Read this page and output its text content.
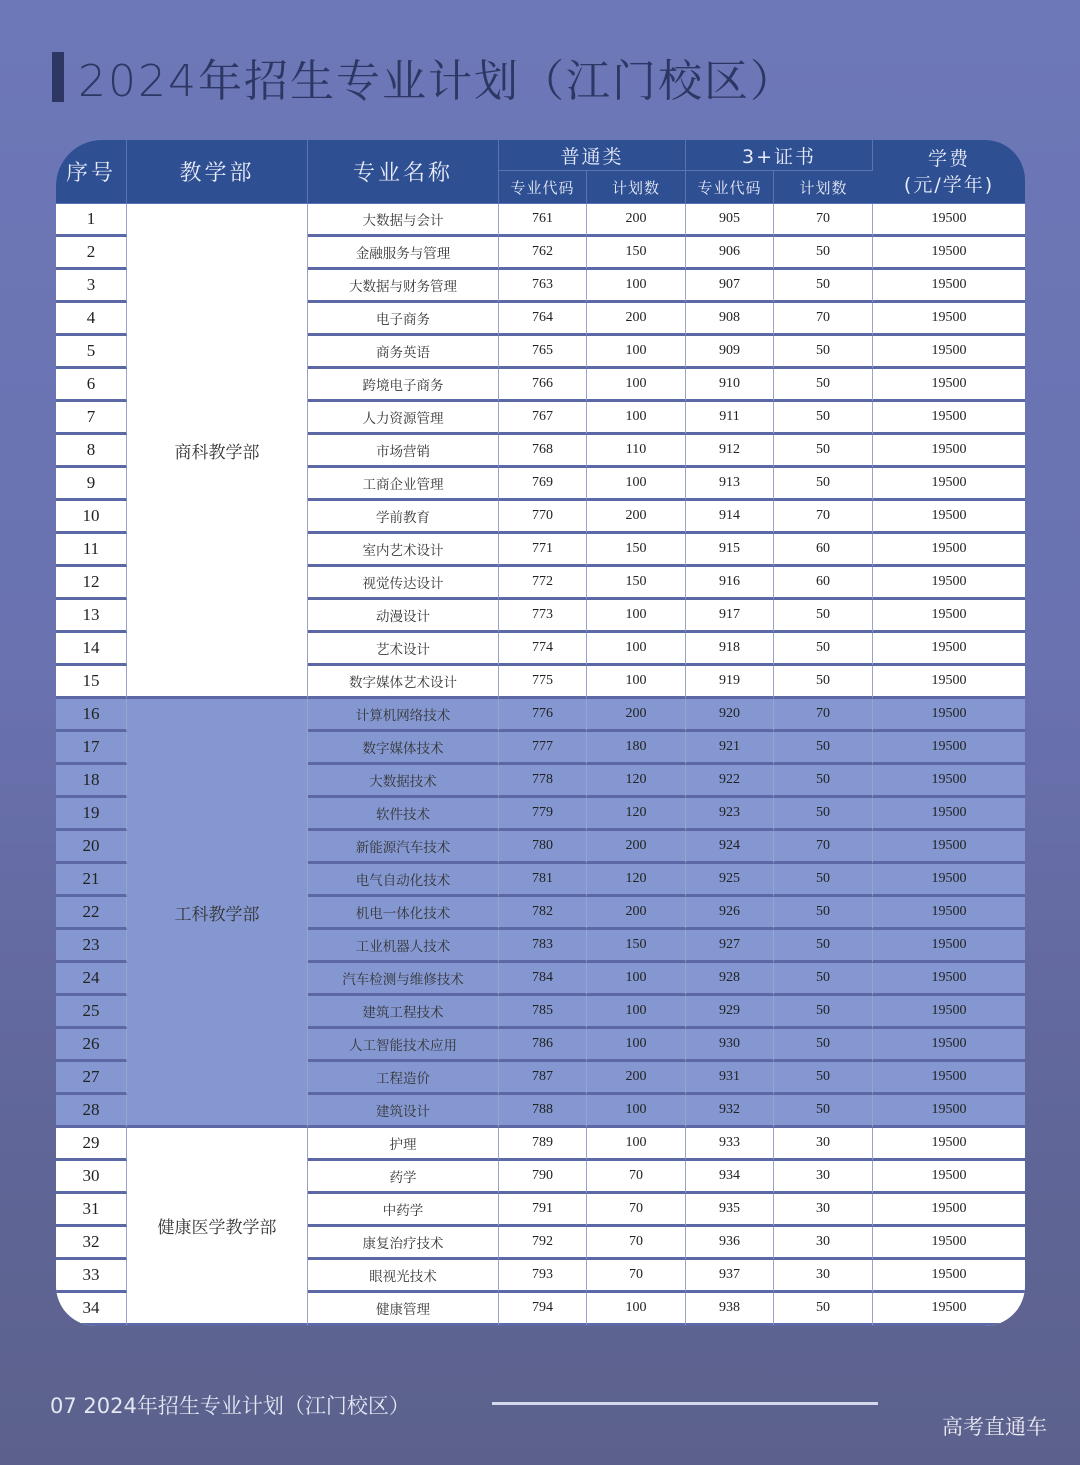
2024年招生专业计划（江门校区）
序号	教学部	专业名称	普通类		3+证书		学费
(元/学年)

			专业代码	计划数	专业代码	计划数	
1	商科教学部	大数据与会计	761	200	905	70	19500
2		金融服务与管理	762	150	906	50	19500
3		大数据与财务管理	763	100	907	50	19500
4		电子商务	764	200	908	70	19500
5		商务英语	765	100	909	50	19500
6		跨境电子商务	766	100	910	50	19500
7		人力资源管理	767	100	911	50	19500
8		市场营销	768	110	912	50	19500
9		工商企业管理	769	100	913	50	19500
10		学前教育	770	200	914	70	19500
11		室内艺术设计	771	150	915	60	19500
12		视觉传达设计	772	150	916	60	19500
13		动漫设计	773	100	917	50	19500
14		艺术设计	774	100	918	50	19500
15		数字媒体艺术设计	775	100	919	50	19500
16	工科教学部	计算机网络技术	776	200	920	70	19500
17		数字媒体技术	777	180	921	50	19500
18		大数据技术	778	120	922	50	19500
19		软件技术	779	120	923	50	19500
20		新能源汽车技术	780	200	924	70	19500
21		电气自动化技术	781	120	925	50	19500
22		机电一体化技术	782	200	926	50	19500
23		工业机器人技术	783	150	927	50	19500
24		汽车检测与维修技术	784	100	928	50	19500
25		建筑工程技术	785	100	929	50	19500
26		人工智能技术应用	786	100	930	50	19500
27		工程造价	787	200	931	50	19500
28		建筑设计	788	100	932	50	19500
29	健康医学教学部	护理	789	100	933	30	19500
30		药学	790	70	934	30	19500
31		中药学	791	70	935	30	19500
32		康复治疗技术	792	70	936	30	19500
33		眼视光技术	793	70	937	30	19500
34		健康管理	794	100	938	50	19500
07 2024年招生专业计划（江门校区）
高考直通车
